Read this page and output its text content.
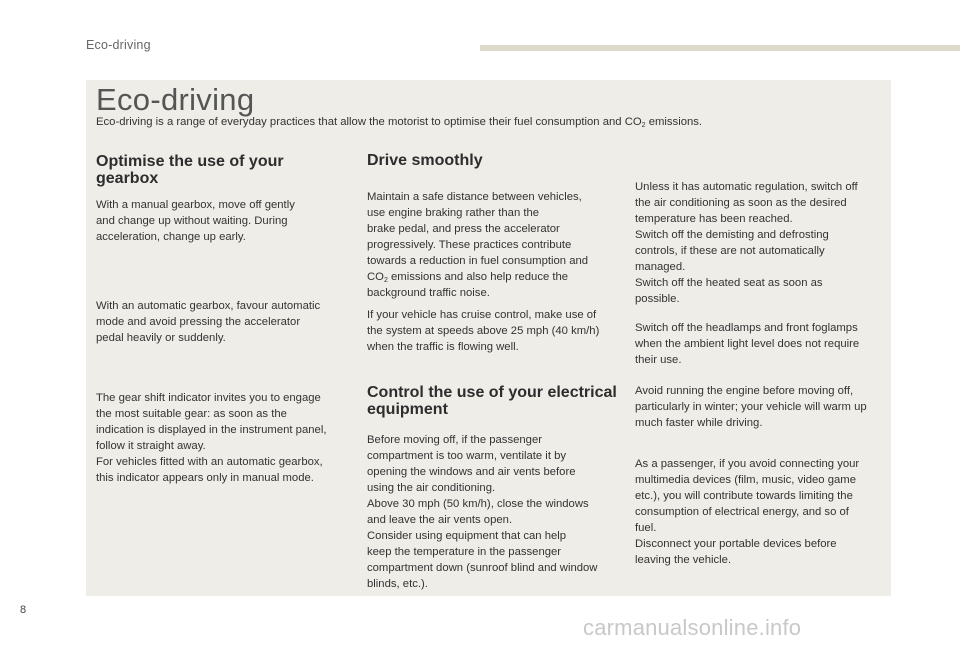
Eco-driving
Eco-driving
Eco-driving is a range of everyday practices that allow the motorist to optimise their fuel consumption and $CO_2$ emissions.
Optimise the use of your
gearbox

With a manual gearbox, move off gently

and change up without waiting. During

acceleration, change up early.

With an automatic gearbox, favour automatic

mode and avoid pressing the accelerator

pedal heavily or suddenly.

The gear shift indicator invites you to engage

the most suitable gear: as soon as the

indication is displayed in the instrument panel,

follow it straight away.

For vehicles fitted with an automatic gearbox,

this indicator appears only in manual mode.

Drive smoothly

Maintain a safe distance between vehicles,

use engine braking rather than the

brake pedal, and press the accelerator

progressively. These practices contribute

towards a reduction in fuel consumption and

$CO_2$ emissions and also help reduce the

background traffic noise.

If your vehicle has cruise control, make use of

the system at speeds above 25 mph (40 km/h)

when the traffic is flowing well.

Control the use of your electrical
equipment

Before moving off, if the passenger

compartment is too warm, ventilate it by

opening the windows and air vents before

using the air conditioning.

Above 30 mph (50 km/h), close the windows

and leave the air vents open.

Consider using equipment that can help

keep the temperature in the passenger

compartment down (sunroof blind and window

blinds, etc.).

Unless it has automatic regulation, switch off

the air conditioning as soon as the desired

temperature has been reached.

Switch off the demisting and defrosting

controls, if these are not automatically

managed.

Switch off the heated seat as soon as

possible.

Switch off the headlamps and front foglamps

when the ambient light level does not require

their use.

Avoid running the engine before moving off,

particularly in winter; your vehicle will warm up

much faster while driving.

As a passenger, if you avoid connecting your

multimedia devices (film, music, video game

etc.), you will contribute towards limiting the

consumption of electrical energy, and so of

fuel.

Disconnect your portable devices before

leaving the vehicle.

8
carmanualsonline.info
